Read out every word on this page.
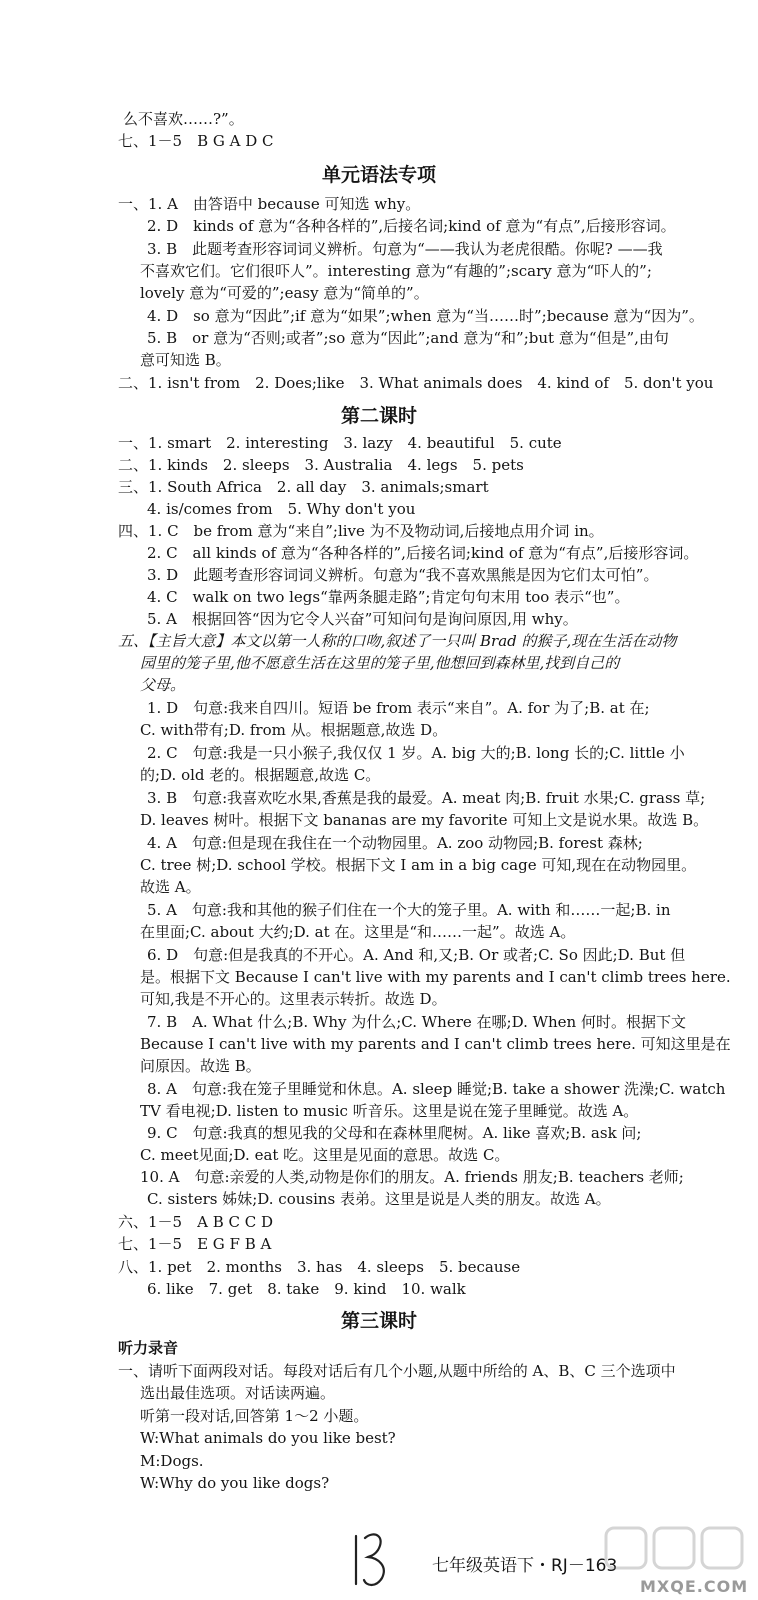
么不喜欢……?”。
七、1－5　B G A D C
单元语法专项
一、1. A　由答语中 because 可知选 why。
2. D　kinds of 意为“各种各样的”,后接名词;kind of 意为“有点”,后接形容词。
3. B　此题考查形容词词义辨析。句意为“——我认为老虎很酷。你呢? ——我
不喜欢它们。它们很吓人”。interesting 意为“有趣的”;scary 意为“吓人的”;
lovely 意为“可爱的”;easy 意为“简单的”。
4. D　so 意为“因此”;if 意为“如果”;when 意为“当……时”;because 意为“因为”。
5. B　or 意为“否则;或者”;so 意为“因此”;and 意为“和”;but 意为“但是”,由句
意可知选 B。
二、1. isn't from　2. Does;like　3. What animals does　4. kind of　5. don't you
第二课时
一、1. smart　2. interesting　3. lazy　4. beautiful　5. cute
二、1. kinds　2. sleeps　3. Australia　4. legs　5. pets
三、1. South Africa　2. all day　3. animals;smart
4. is/comes from　5. Why don't you
四、1. C　be from 意为“来自”;live 为不及物动词,后接地点用介词 in。
2. C　all kinds of 意为“各种各样的”,后接名词;kind of 意为“有点”,后接形容词。
3. D　此题考查形容词词义辨析。句意为“我不喜欢黑熊是因为它们太可怕”。
4. C　walk on two legs“靠两条腿走路”;肯定句句末用 too 表示“也”。
5. A　根据回答“因为它令人兴奋”可知问句是询问原因,用 why。
五、【主旨大意】本文以第一人称的口吻,叙述了一只叫 Brad 的猴子,现在生活在动物
园里的笼子里,他不愿意生活在这里的笼子里,他想回到森林里,找到自己的
父母。
1. D　句意:我来自四川。短语 be from 表示“来自”。A. for 为了;B. at 在;
C. with带有;D. from 从。根据题意,故选 D。
2. C　句意:我是一只小猴子,我仅仅 1 岁。A. big 大的;B. long 长的;C. little 小
的;D. old 老的。根据题意,故选 C。
3. B　句意:我喜欢吃水果,香蕉是我的最爱。A. meat 肉;B. fruit 水果;C. grass 草;
D. leaves 树叶。根据下文 bananas are my favorite 可知上文是说水果。故选 B。
4. A　句意:但是现在我住在一个动物园里。A. zoo 动物园;B. forest 森林;
C. tree 树;D. school 学校。根据下文 I am in a big cage 可知,现在在动物园里。
故选 A。
5. A　句意:我和其他的猴子们住在一个大的笼子里。A. with 和……一起;B. in
在里面;C. about 大约;D. at 在。这里是“和……一起”。故选 A。
6. D　句意:但是我真的不开心。A. And 和,又;B. Or 或者;C. So 因此;D. But 但
是。根据下文 Because I can't live with my parents and I can't climb trees here.
可知,我是不开心的。这里表示转折。故选 D。
7. B　A. What 什么;B. Why 为什么;C. Where 在哪;D. When 何时。根据下文
Because I can't live with my parents and I can't climb trees here. 可知这里是在
问原因。故选 B。
8. A　句意:我在笼子里睡觉和休息。A. sleep 睡觉;B. take a shower 洗澡;C. watch
TV 看电视;D. listen to music 听音乐。这里是说在笼子里睡觉。故选 A。
9. C　句意:我真的想见我的父母和在森林里爬树。A. like 喜欢;B. ask 问;
C. meet见面;D. eat 吃。这里是见面的意思。故选 C。
10. A　句意:亲爱的人类,动物是你们的朋友。A. friends 朋友;B. teachers 老师;
C. sisters 姊妹;D. cousins 表弟。这里是说是人类的朋友。故选 A。
六、1－5　A B C C D
七、1－5　E G F B A
八、1. pet　2. months　3. has　4. sleeps　5. because
6. like　7. get　8. take　9. kind　10. walk
第三课时
听力录音
一、请听下面两段对话。每段对话后有几个小题,从题中所给的 A、B、C 三个选项中
选出最佳选项。对话读两遍。
听第一段对话,回答第 1～2 小题。
W:What animals do you like best?
M:Dogs.
W:Why do you like dogs?
七年级英语下・RJ－163
MXQE.COM
